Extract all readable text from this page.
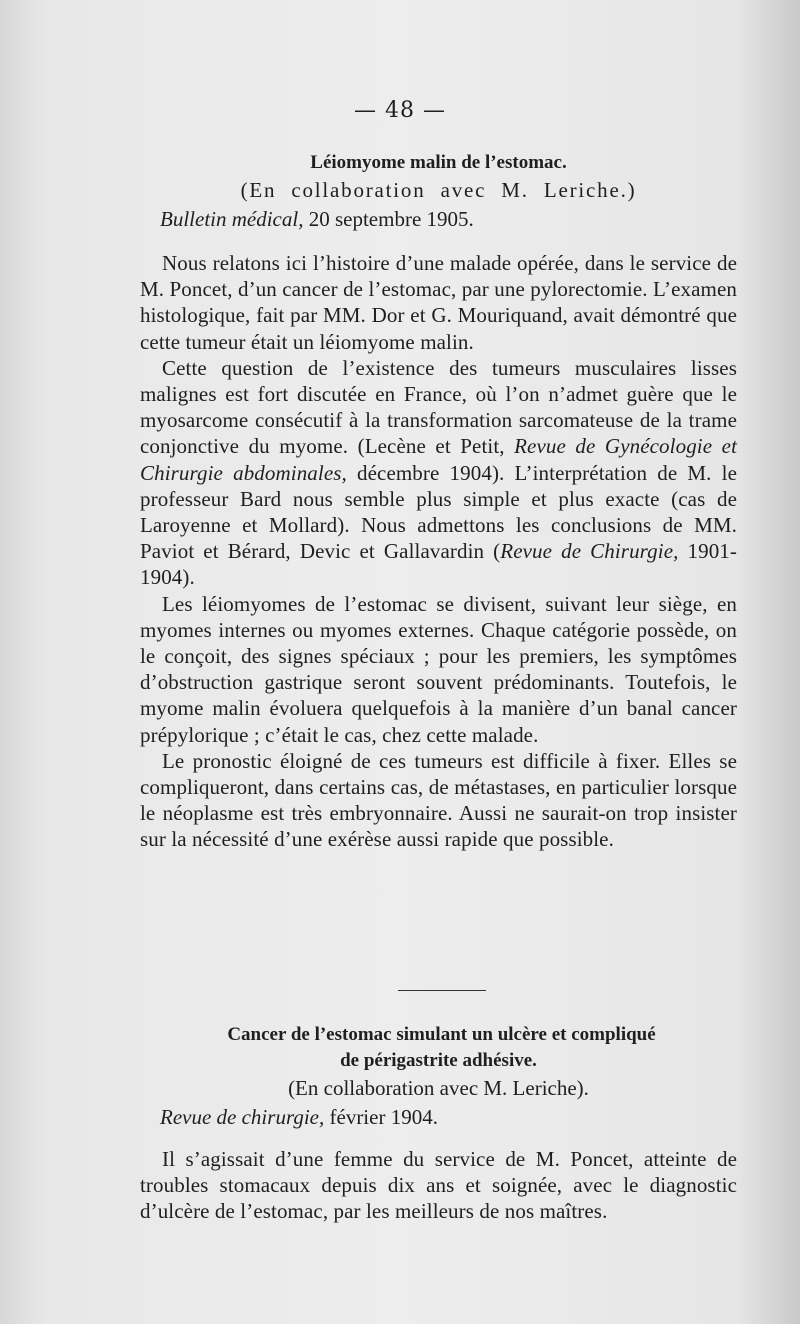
— 48 —

Léiomyome malin de l’estomac.

(En collaboration avec M. Leriche.)

Bulletin médical, 20 septembre 1905.

Nous relatons ici l’histoire d’une malade opérée, dans le service de M. Poncet, d’un cancer de l’estomac, par une pylorectomie. L’examen histologique, fait par MM. Dor et G. Mouriquand, avait démontré que cette tumeur était un léiomyome malin.

Cette question de l’existence des tumeurs musculaires lisses malignes est fort discutée en France, où l’on n’admet guère que le myosarcome consécutif à la transformation sarcomateuse de la trame conjonctive du myome. (Lecène et Petit, Revue de Gynécologie et Chirurgie abdominales, décembre 1904). L’interprétation de M. le professeur Bard nous semble plus simple et plus exacte (cas de Laroyenne et Mollard). Nous admettons les conclusions de MM. Paviot et Bérard, Devic et Gallavardin (Revue de Chirurgie, 1901-1904).

Les léiomyomes de l’estomac se divisent, suivant leur siège, en myomes internes ou myomes externes. Chaque catégorie possède, on le conçoit, des signes spéciaux ; pour les premiers, les symptômes d’obstruction gastrique seront souvent prédominants. Toutefois, le myome malin évoluera quelquefois à la manière d’un banal cancer prépylorique ; c’était le cas, chez cette malade.

Le pronostic éloigné de ces tumeurs est difficile à fixer. Elles se compliqueront, dans certains cas, de métastases, en particulier lorsque le néoplasme est très embryonnaire. Aussi ne saurait-on trop insister sur la nécessité d’une exérèse aussi rapide que possible.

Cancer de l’estomac simulant un ulcère et compliqué

de périgastrite adhésive.

(En collaboration avec M. Leriche).

Revue de chirurgie, février 1904.

Il s’agissait d’une femme du service de M. Poncet, atteinte de troubles stomacaux depuis dix ans et soignée, avec le diagnostic d’ulcère de l’estomac, par les meilleurs de nos maîtres.
